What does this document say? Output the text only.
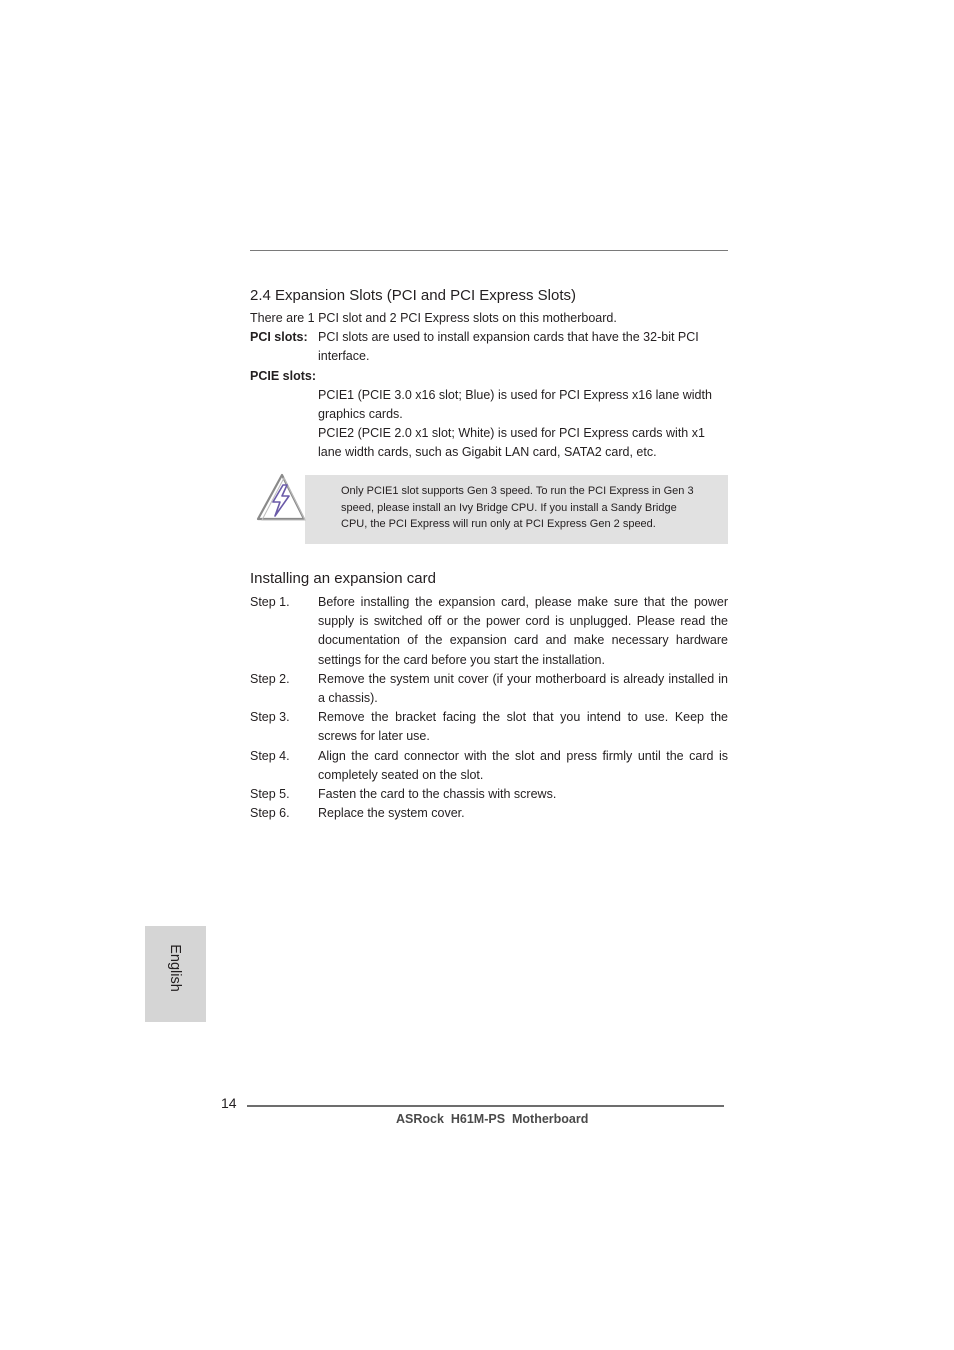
2.4 Expansion Slots (PCI and PCI Express Slots)
There are 1 PCI slot and 2 PCI Express slots on this motherboard.
PCI slots: PCI slots are used to install expansion cards that have the 32-bit PCI interface.
PCIE slots:
PCIE1 (PCIE 3.0 x16 slot; Blue) is used for PCI Express x16 lane width graphics cards.
PCIE2 (PCIE 2.0 x1 slot; White) is used for PCI Express cards with x1 lane width cards, such as Gigabit LAN card, SATA2 card, etc.
Only PCIE1 slot supports Gen 3 speed. To run the PCI Express in Gen 3 speed, please install an Ivy Bridge CPU. If you install a Sandy Bridge CPU, the PCI Express will run only at PCI Express Gen 2 speed.
Installing an expansion card
Step 1. Before installing the expansion card, please make sure that the power supply is switched off or the power cord is unplugged. Please read the documentation of the expansion card and make necessary hardware settings for the card before you start the installation.
Step 2. Remove the system unit cover (if your motherboard is already installed in a chassis).
Step 3. Remove the bracket facing the slot that you intend to use. Keep the screws for later use.
Step 4. Align the card connector with the slot and press firmly until the card is completely seated on the slot.
Step 5. Fasten the card to the chassis with screws.
Step 6. Replace the system cover.
English
14
ASRock  H61M-PS  Motherboard
